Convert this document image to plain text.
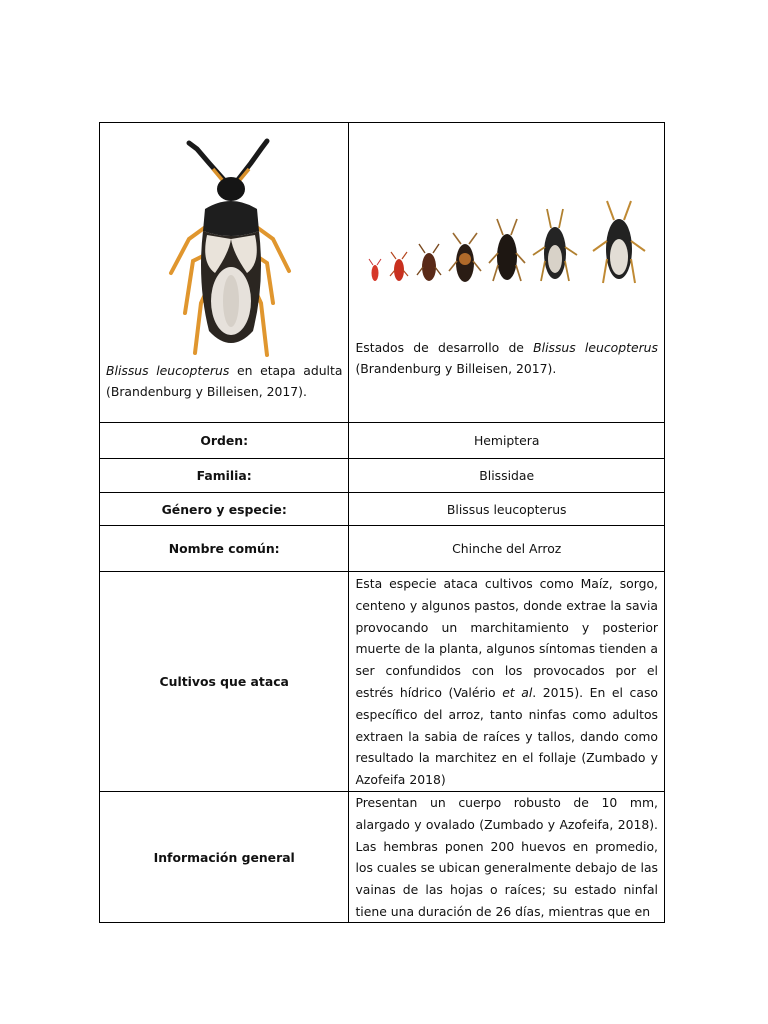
Blissus leucopterus en etapa adulta (Brandenburg y Billeisen, 2017).	Estados de desarrollo de Blissus leucopterus (Brandenburg y Billeisen, 2017).

Orden:	Hemiptera
Familia:	Blissidae
Género y especie:	Blissus leucopterus
Nombre común:	Chinche del Arroz
Cultivos que ataca	Esta especie ataca cultivos como Maíz, sorgo, centeno y algunos pastos, donde extrae la savia provocando un marchitamiento y posterior muerte de la planta, algunos síntomas tienden a ser confundidos con los provocados por el estrés hídrico (Valério et al. 2015). En el caso específico del arroz, tanto ninfas como adultos extraen la sabia de raíces y tallos, dando como resultado la marchitez en el follaje (Zumbado y Azofeifa 2018)
Información general	Presentan un cuerpo robusto de 10 mm, alargado y ovalado (Zumbado y Azofeifa, 2018). Las hembras ponen 200 huevos en promedio, los cuales se ubican generalmente debajo de las vainas de las hojas o raíces; su estado ninfal tiene una duración de 26 días, mientras que en
